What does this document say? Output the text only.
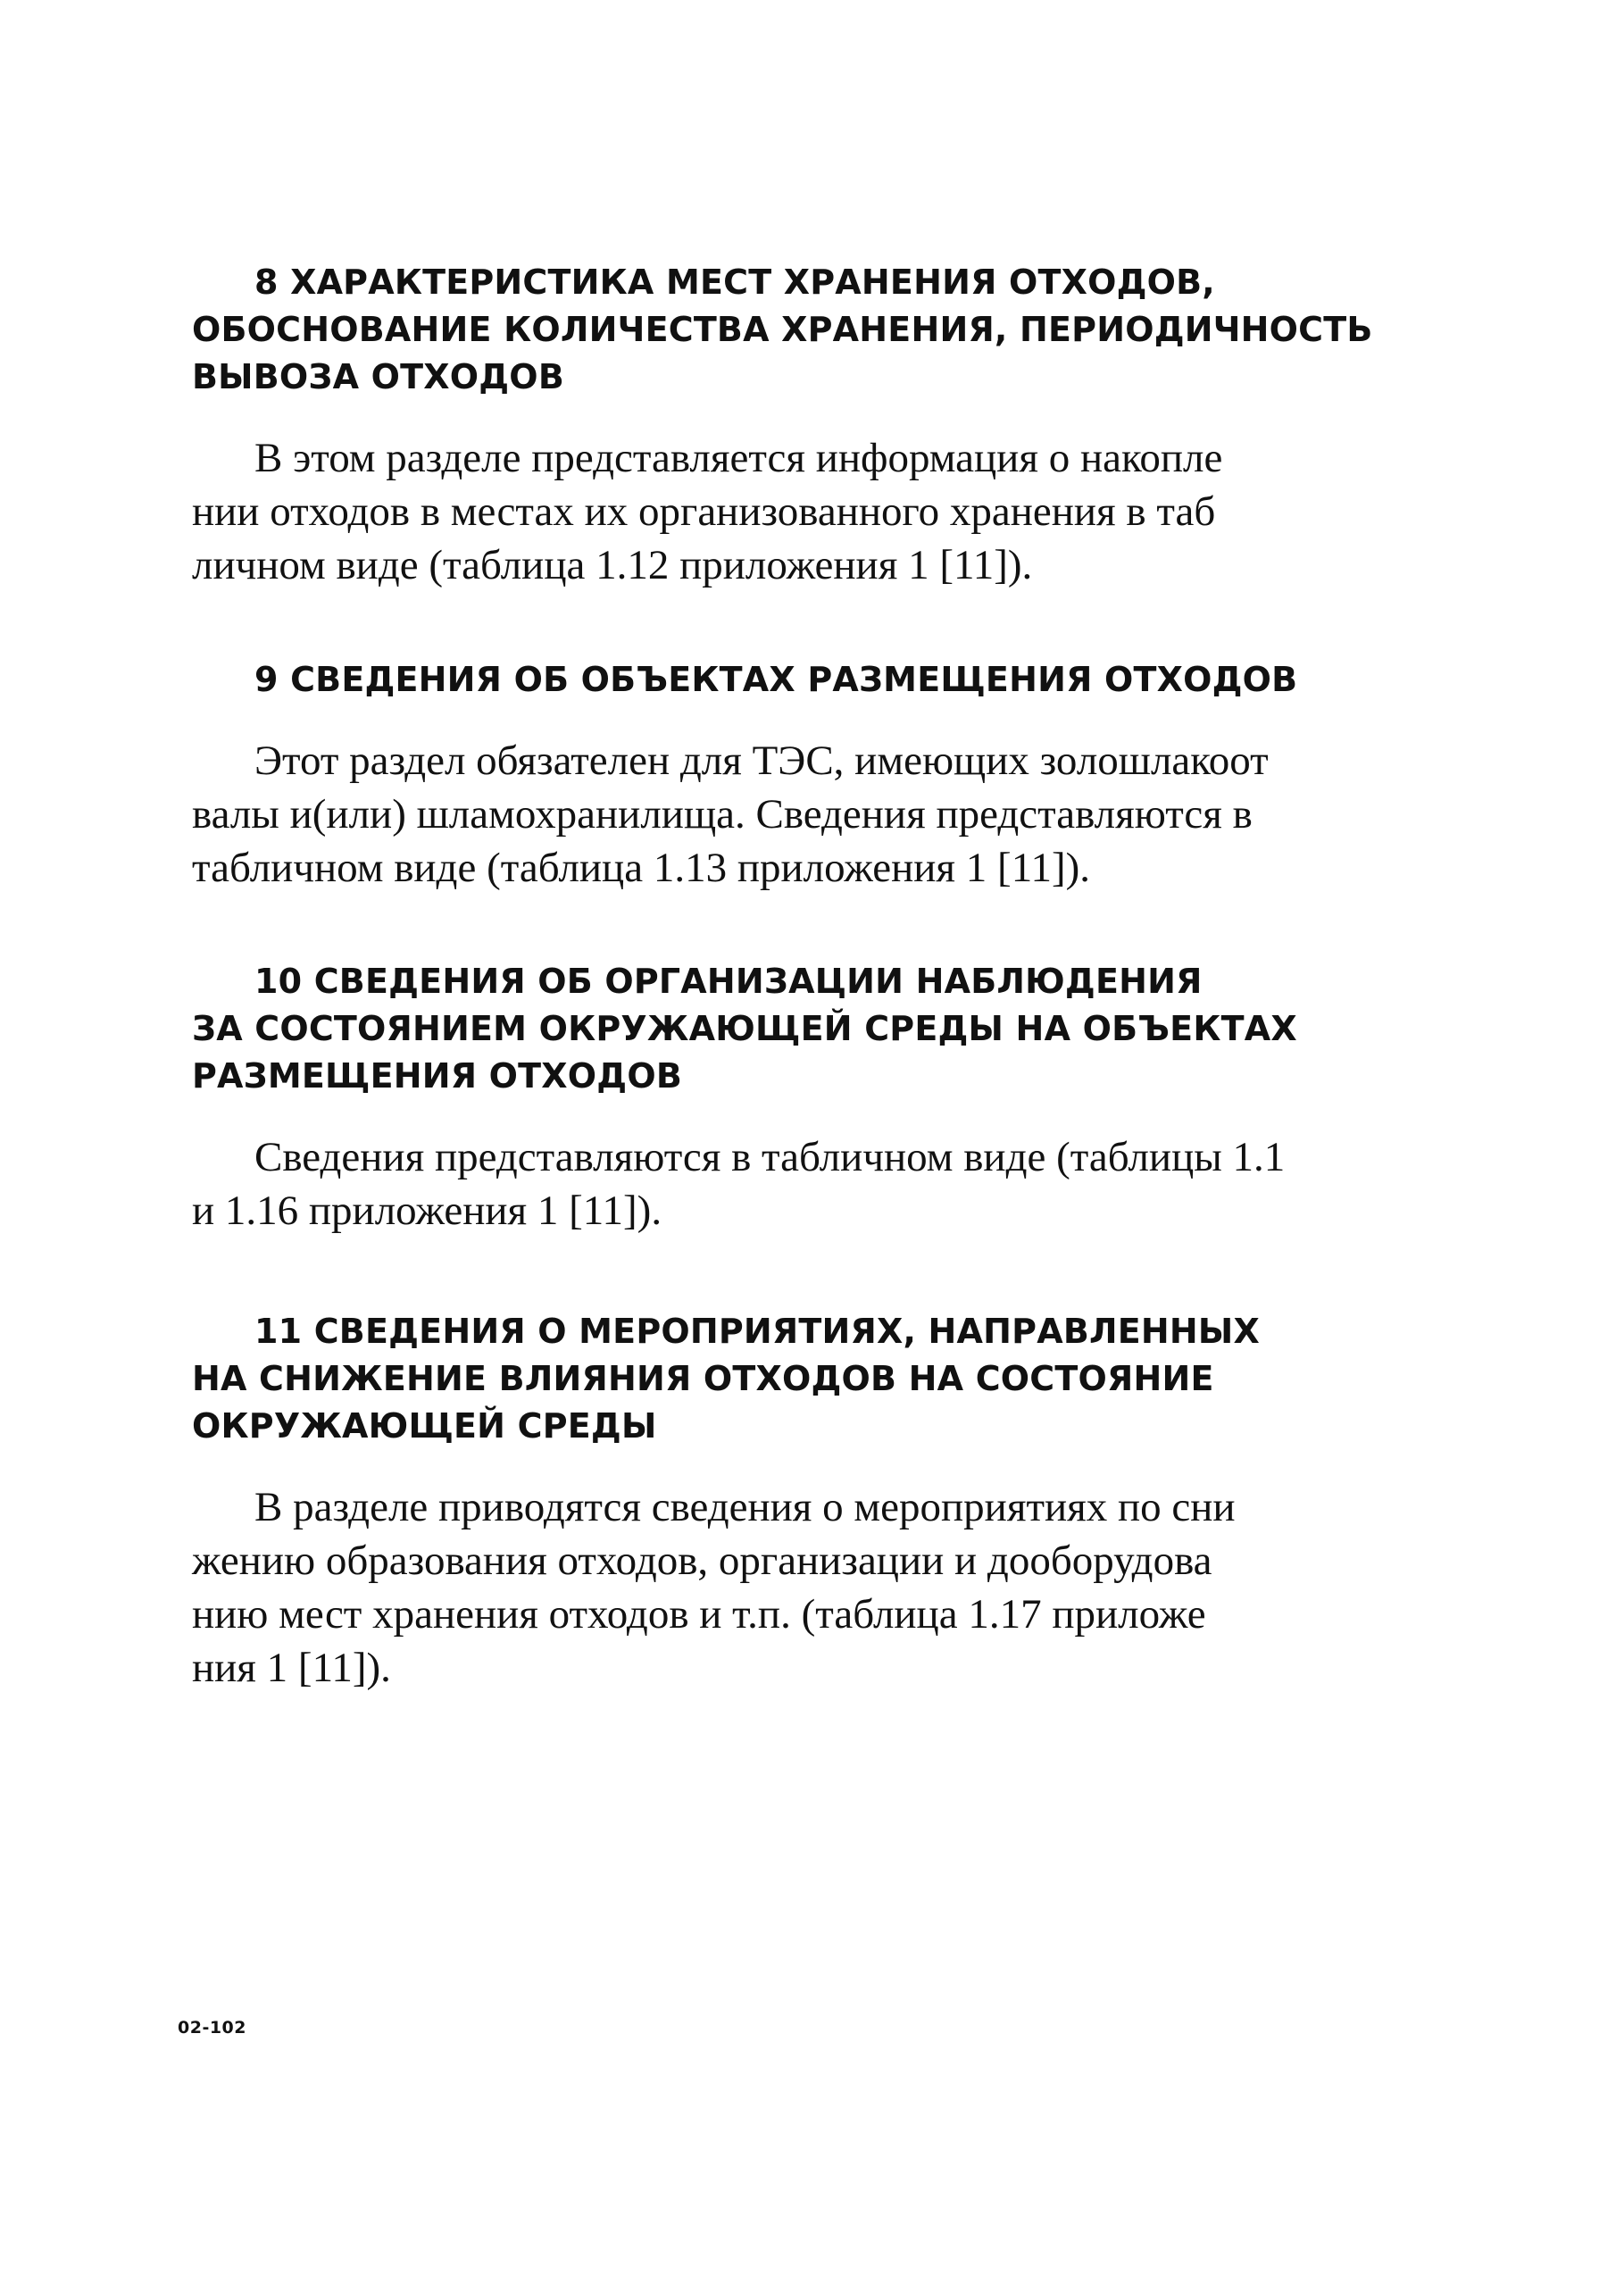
8 ХАРАКТЕРИСТИКА МЕСТ ХРАНЕНИЯ ОТХОДОВ,
ОБОСНОВАНИЕ КОЛИЧЕСТВА ХРАНЕНИЯ, ПЕРИОДИЧНОСТЬ
ВЫВОЗА ОТХОДОВ

В этом разделе представляется информация о накопле
нии отходов в местах их организованного хранения в таб
личном виде (таблица 1.12 приложения 1 [11]).

9 СВЕДЕНИЯ ОБ ОБЪЕКТАХ РАЗМЕЩЕНИЯ ОТХОДОВ

Этот раздел обязателен для ТЭС, имеющих золошлакоот
валы и(или) шламохранилища. Сведения представляются в
табличном виде (таблица 1.13 приложения 1 [11]).

10 СВЕДЕНИЯ ОБ ОРГАНИЗАЦИИ НАБЛЮДЕНИЯ
ЗА СОСТОЯНИЕМ ОКРУЖАЮЩЕЙ СРЕДЫ НА ОБЪЕКТАХ
РАЗМЕЩЕНИЯ ОТХОДОВ

Сведения представляются в табличном виде (таблицы 1.1
и 1.16 приложения 1 [11]).

11 СВЕДЕНИЯ О МЕРОПРИЯТИЯХ, НАПРАВЛЕННЫХ
НА СНИЖЕНИЕ ВЛИЯНИЯ ОТХОДОВ НА СОСТОЯНИЕ
ОКРУЖАЮЩЕЙ СРЕДЫ

В разделе приводятся сведения о мероприятиях по сни
жению образования отходов, организации и дооборудова
нию мест хранения отходов и т.п. (таблица 1.17 приложе
ния 1 [11]).

02-102
